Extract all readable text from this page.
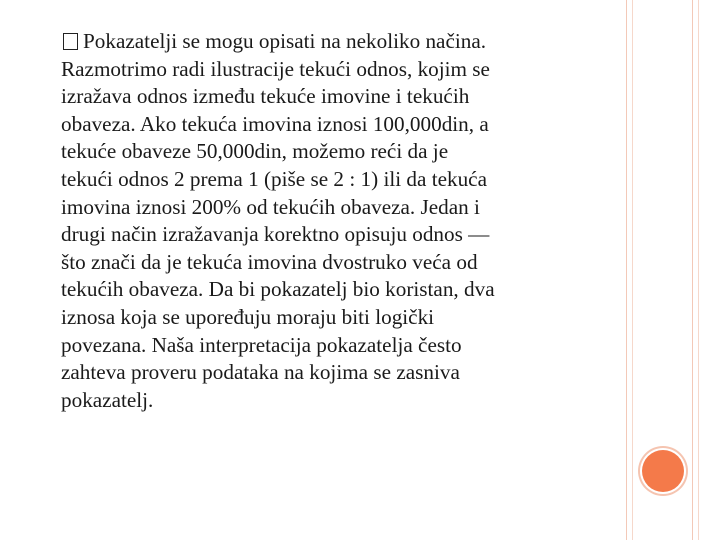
Pokazatelji se mogu opisati na nekoliko načina.
Razmotrimo radi ilustracije tekući odnos, kojim se
izražava odnos između tekuće imovine i tekućih
obaveza. Ako tekuća imovina iznosi 100,000din, a
tekuće obaveze 50,000din, možemo reći da je
tekući odnos 2 prema 1 (piše se 2 : 1) ili da tekuća
imovina iznosi 200% od tekućih obaveza. Jedan i
drugi način izražavanja korektno opisuju odnos —
što znači da je tekuća imovina dvostruko veća od
tekućih obaveza. Da bi pokazatelj bio koristan, dva
iznosa koja se upoređuju moraju biti logički
povezana. Naša interpretacija pokazatelja često
zahteva proveru podataka na kojima se zasniva
pokazatelj.
